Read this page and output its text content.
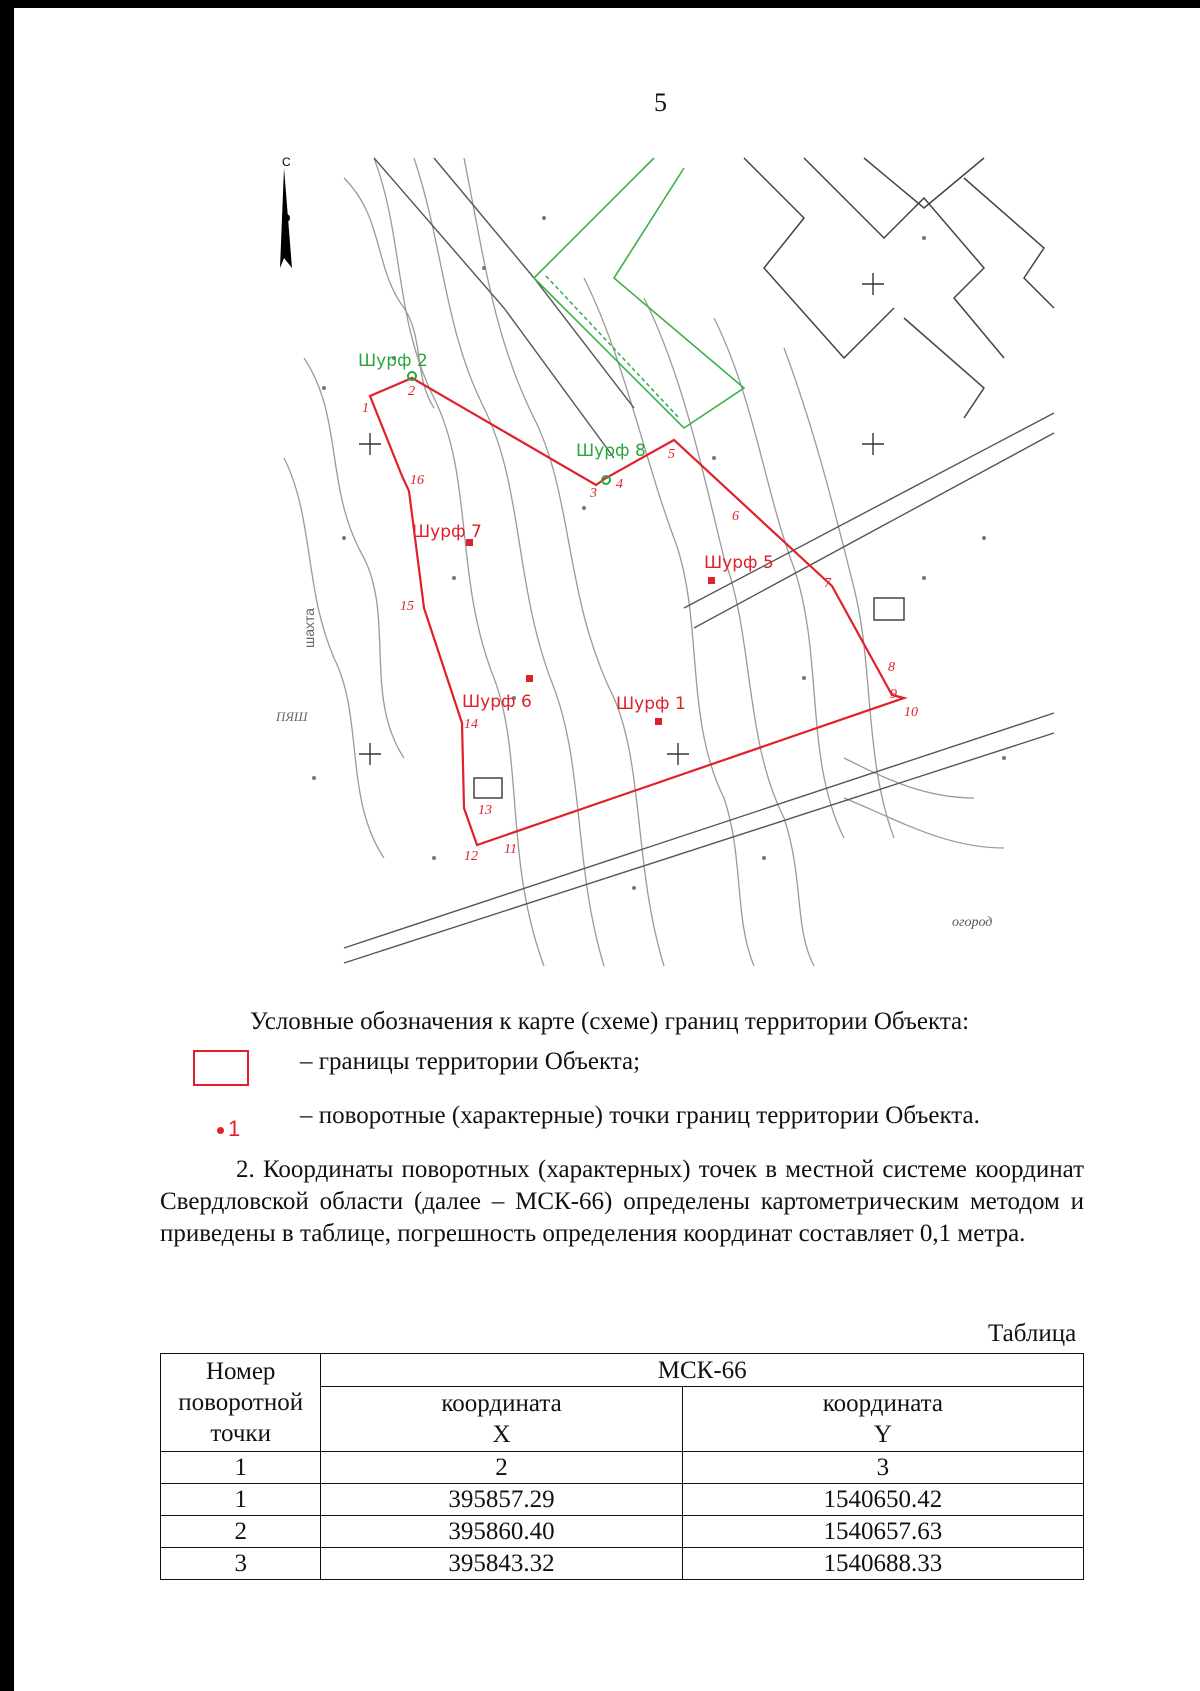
5
огород
шахта
ПЯШ
С
Шурф 2
Шурф 8
Шурф 7
Шурф 5
Шурф 6	Шурф 1
1
2
3
4
5
6
7
8
9
10
11
12
13
14
15
16
Условные обозначения к карте (схеме) границ территории Объекта:
– границы территории Объекта;
1 – поворотные (характерные) точки границ территории Объекта.
2. Координаты поворотных (характерных) точек в местной системе координат Свердловской области (далее – МСК-66) определены картометрическим методом и приведены в таблице, погрешность определения координат составляет 0,1 метра.
Таблица
Номер поворотной точки	МСК-66	
	координата Х	координата Y
1	2	3
1	395857.29	1540650.42
2	395860.40	1540657.63
3	395843.32	1540688.33
